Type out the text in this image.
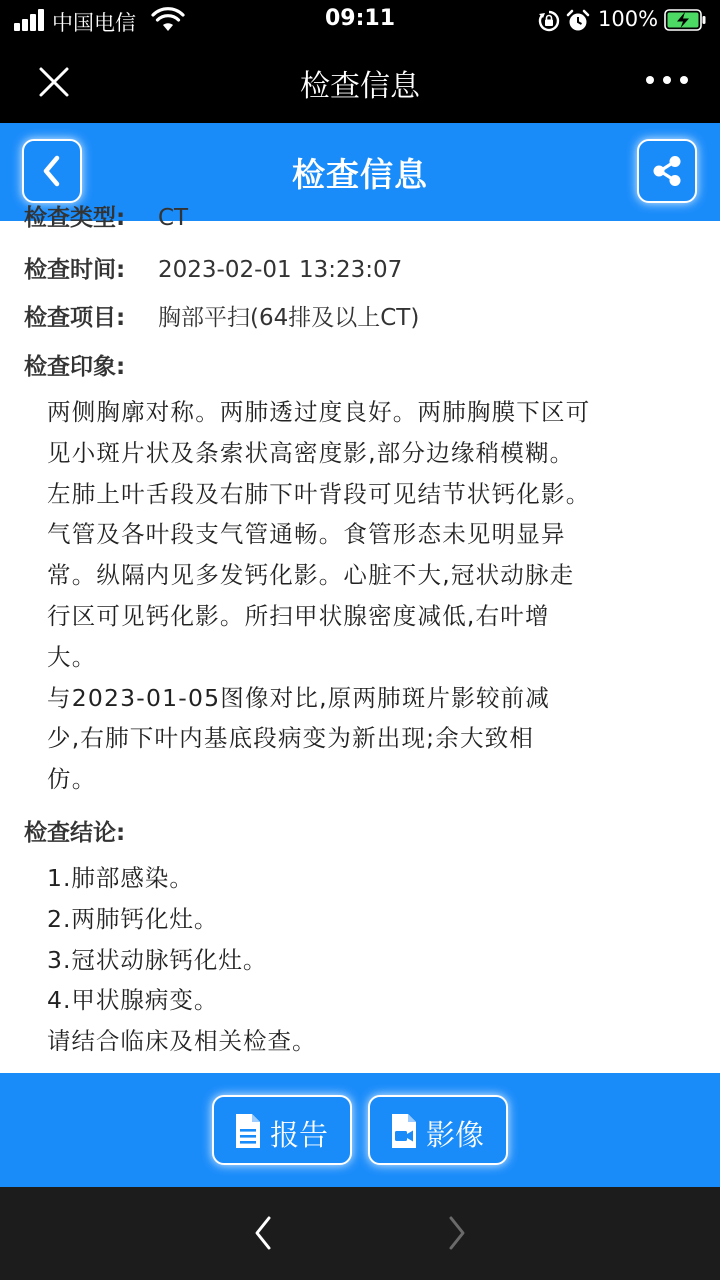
中国电信	09:11	100%
检查信息
检查信息
检查类型: CT
检查时间: 2023-02-01 13:23:07
检查项目: 胸部平扫(64排及以上CT)
检查印象:
两侧胸廓对称。两肺透过度良好。两肺胸膜下区可
见小斑片状及条索状高密度影,部分边缘稍模糊。
左肺上叶舌段及右肺下叶背段可见结节状钙化影。
气管及各叶段支气管通畅。食管形态未见明显异
常。纵隔内见多发钙化影。心脏不大,冠状动脉走
行区可见钙化影。所扫甲状腺密度减低,右叶增
大。
与2023-01-05图像对比,原两肺斑片影较前减
少,右肺下叶内基底段病变为新出现;余大致相
仿。
检查结论:
1.肺部感染。
2.两肺钙化灶。
3.冠状动脉钙化灶。
4.甲状腺病变。
请结合临床及相关检查。
报告	影像
